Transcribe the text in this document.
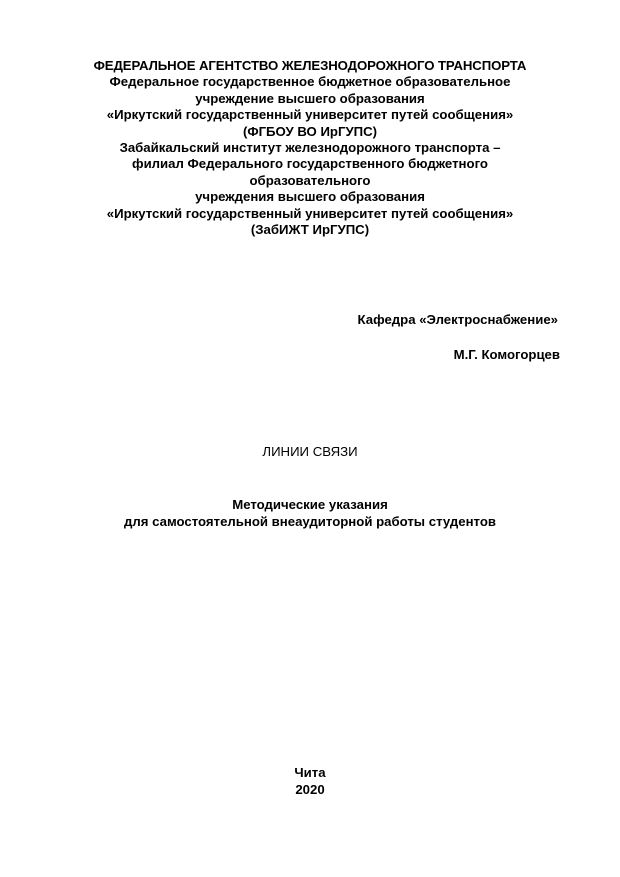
ФЕДЕРАЛЬНОЕ АГЕНТСТВО ЖЕЛЕЗНОДОРОЖНОГО ТРАНСПОРТА
Федеральное государственное бюджетное образовательное
учреждение высшего образования
«Иркутский государственный университет путей сообщения»
(ФГБОУ ВО ИрГУПС)
Забайкальский институт железнодорожного транспорта –
филиал Федерального государственного бюджетного
образовательного
учреждения высшего образования
«Иркутский государственный университет путей сообщения»
(ЗабИЖТ ИрГУПС)
Кафедра «Электроснабжение»
М.Г. Комогорцев
ЛИНИИ СВЯЗИ
Методические указания
для самостоятельной внеаудиторной работы студентов
Чита
2020
